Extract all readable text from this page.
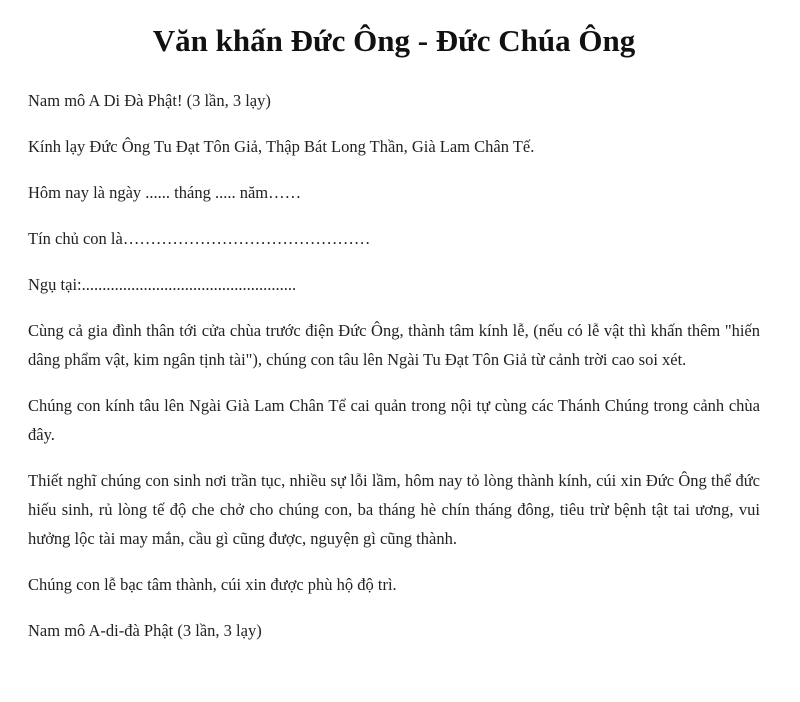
Văn khấn Đức Ông - Đức Chúa Ông

Nam mô A Di Đà Phật! (3 lần, 3 lạy)

Kính lạy Đức Ông Tu Đạt Tôn Giả, Thập Bát Long Thần, Già Lam Chân Tế.

Hôm nay là ngày ...... tháng ..... năm……

Tín chủ con là………………………………………

Ngụ tại:....................................................

Cùng cả gia đình thân tới cửa chùa trước điện Đức Ông, thành tâm kính lễ, (nếu có lễ vật thì khấn thêm "hiến dâng phẩm vật, kim ngân tịnh tài"), chúng con tâu lên Ngài Tu Đạt Tôn Giả từ cảnh trời cao soi xét.

Chúng con kính tâu lên Ngài Già Lam Chân Tể cai quản trong nội tự cùng các Thánh Chúng trong cảnh chùa đây.

Thiết nghĩ chúng con sinh nơi trần tục, nhiều sự lỗi lầm, hôm nay tỏ lòng thành kính, cúi xin Đức Ông thể đức hiếu sinh, rủ lòng tế độ che chở cho chúng con, ba tháng hè chín tháng đông, tiêu trừ bệnh tật tai ương, vui hưởng lộc tài may mắn, cầu gì cũng được, nguyện gì cũng thành.

Chúng con lễ bạc tâm thành, cúi xin được phù hộ độ trì.

Nam mô A-di-đà Phật (3 lần, 3 lạy)
